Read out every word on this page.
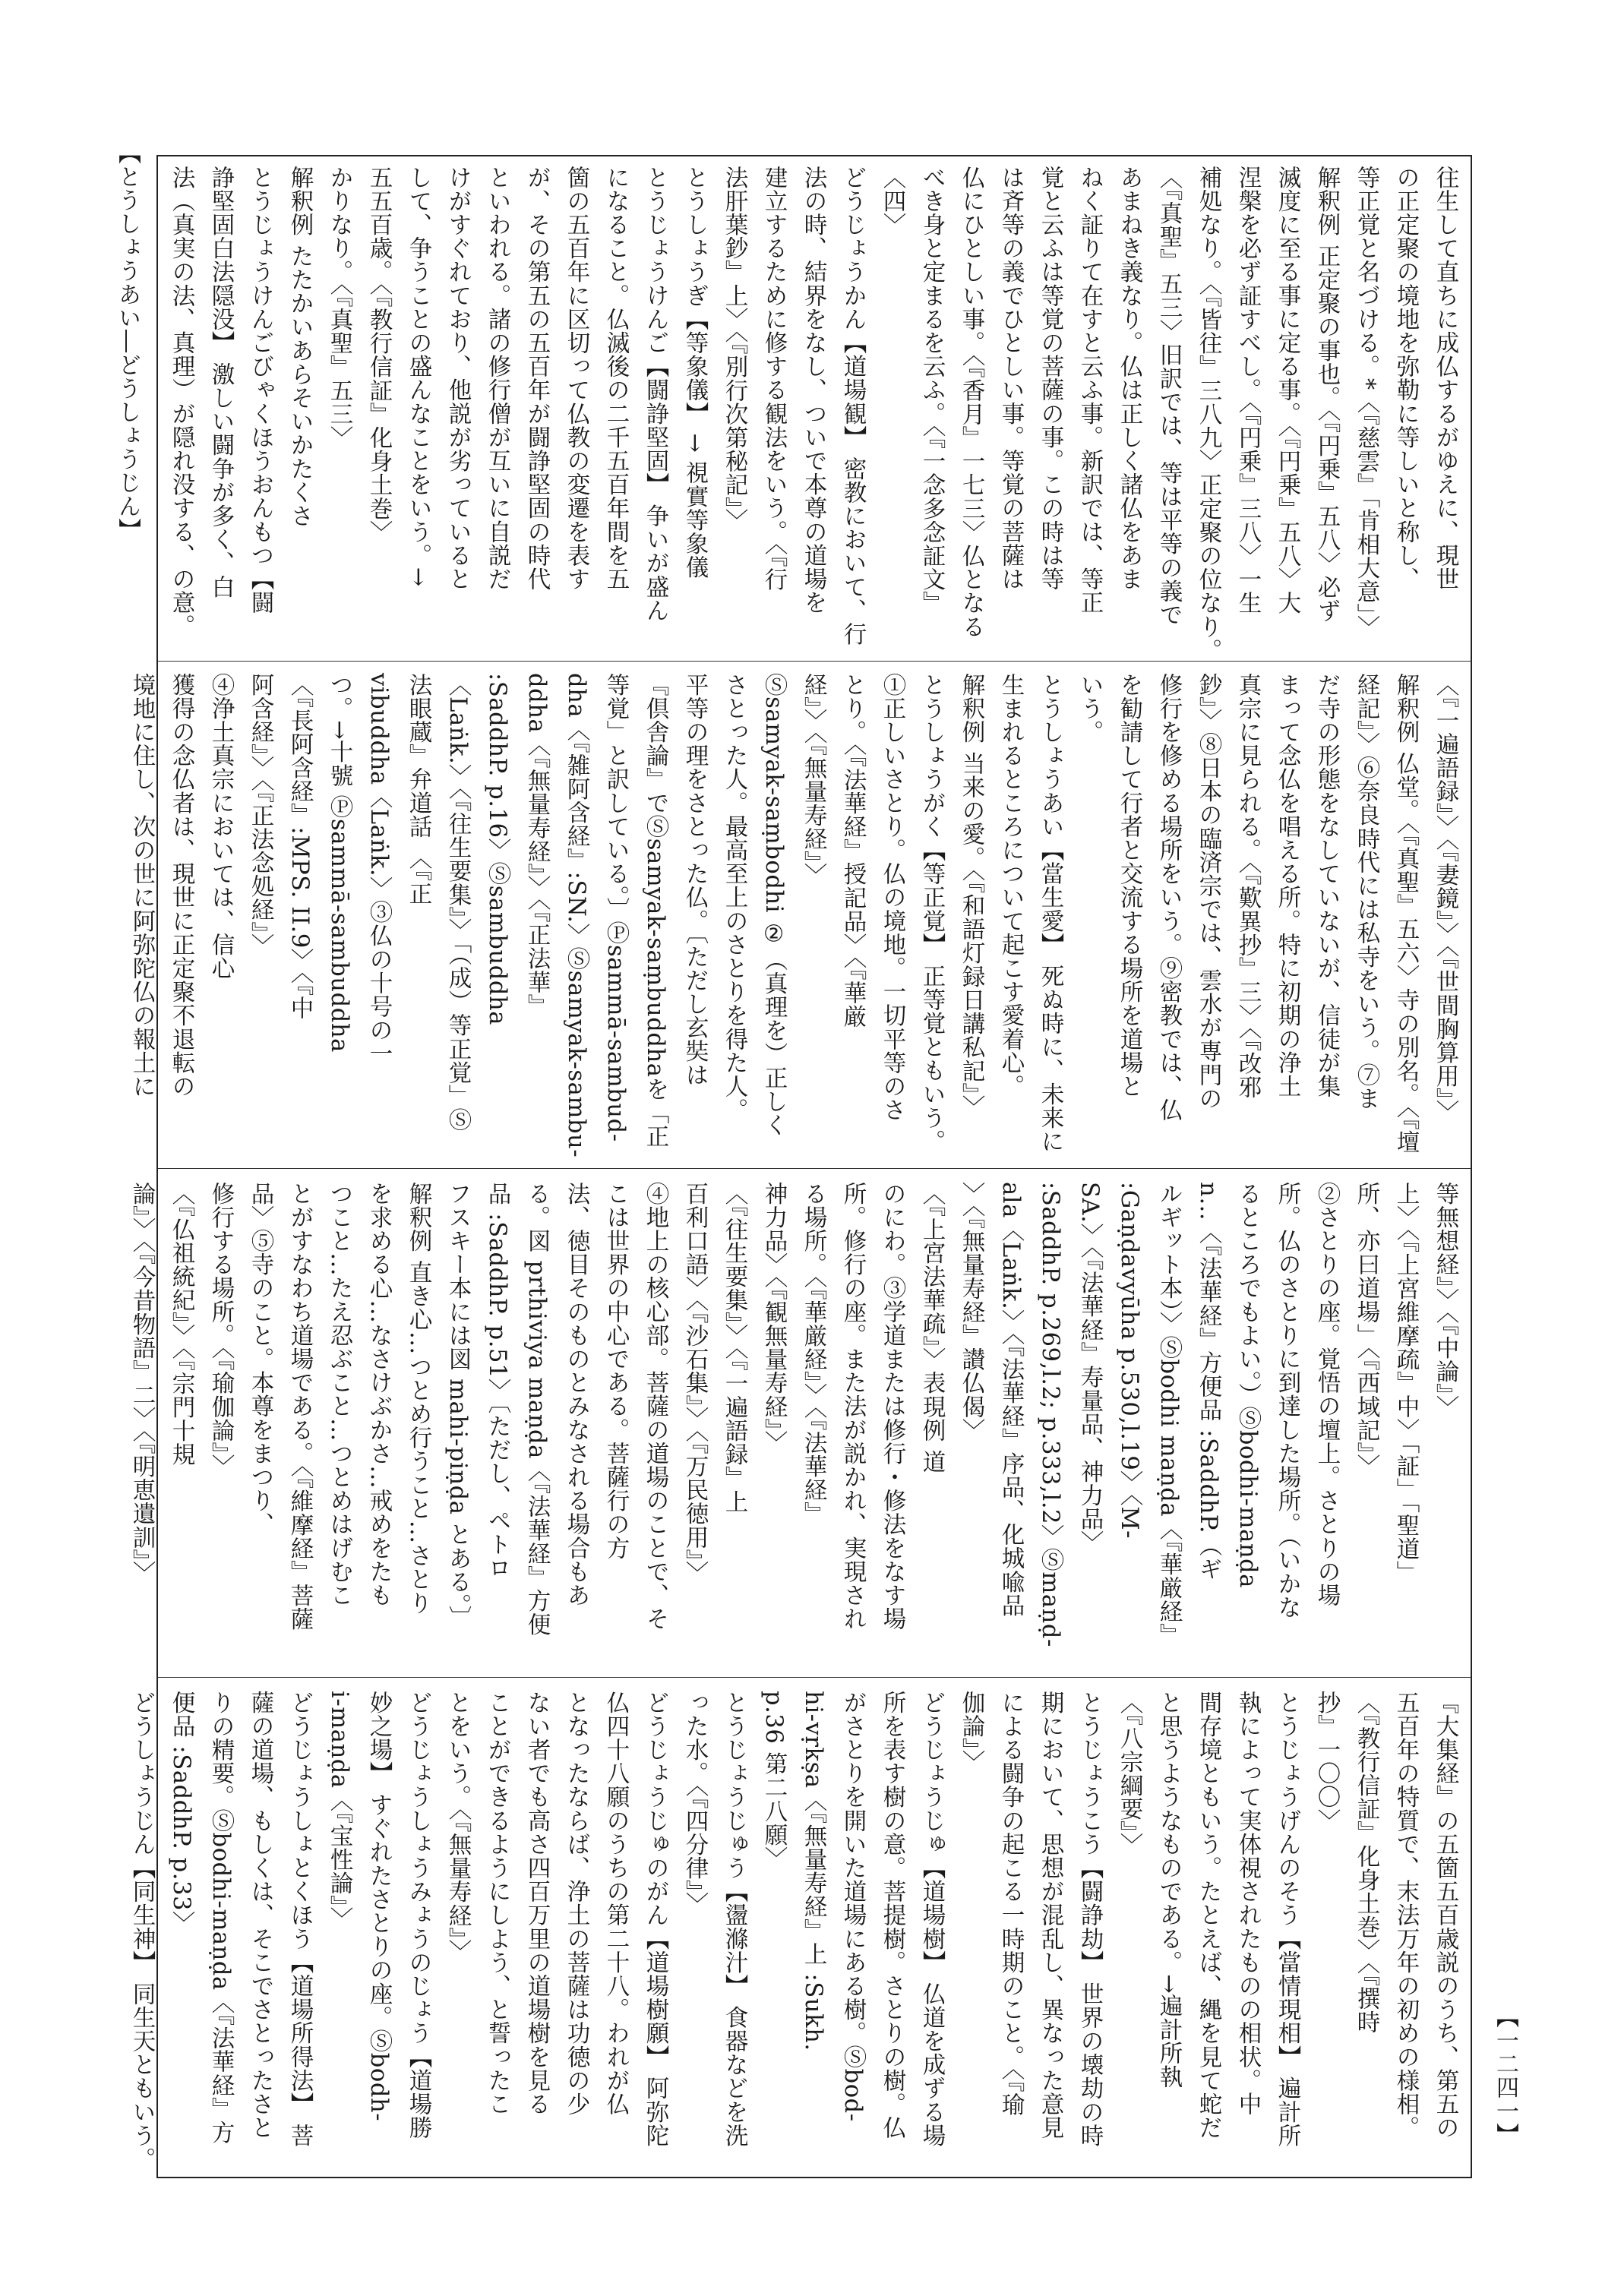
【とうしょうあい―どうしょうじん】
【一二四一】
往生して直ちに成仏するがゆえに、現世
の正定聚の境地を弥勒に等しいと称し、
等正覚と名づける。*〈『慈雲』「肯相大意」〉
解釈例 正定聚の事也。〈『円乗』五八〉必ず
滅度に至る事に定る事。〈『円乗』五八〉大
涅槃を必ず証すべし。〈『円乗』三八〉一生
補処なり。〈『皆往』三八九〉正定聚の位なり。
〈『真聖』五三〉旧訳では、等は平等の義で
あまねき義なり。仏は正しく諸仏をあま
ねく証りて在すと云ふ事。新訳では、等正
覚と云ふは等覚の菩薩の事。この時は等
は斉等の義でひとしい事。等覚の菩薩は
仏にひとしい事。〈『香月』一七三〉仏となる
べき身と定まるを云ふ。〈『一念多念証文』
〈四〉
どうじょうかん【道場観】 密教において、行
法の時、結界をなし、ついで本尊の道場を
建立するために修する観法をいう。〈『行
法肝葉鈔』上〉〈『別行次第秘記』〉
とうしょうぎ【等象儀】 → 視實等象儀
とうじょうけんご【闘諍堅固】 争いが盛ん
になること。仏滅後の二千五百年間を五
箇の五百年に区切って仏教の変遷を表す
が、その第五の五百年が闘諍堅固の時代
といわれる。諸の修行僧が互いに自説だ
けがすぐれており、他説が劣っていると
して、争うことの盛んなことをいう。→
五五百歳。〈『教行信証』化身土巻〉
かりなり。〈『真聖』五三〉
解釈例 たたかいあらそいかたくさ
とうじょうけんごびゃくほうおんもつ【闘
諍堅固白法隠没】 激しい闘争が多く、白
法（真実の法、真理）が隠れ没する、の意。
〈『一遍語録』〉〈『妻鏡』〉〈『世間胸算用』〉
解釈例 仏堂。〈『真聖』五六〉寺の別名。〈『壇
経記』〉⑥奈良時代には私寺をいう。⑦ま
だ寺の形態をなしていないが、信徒が集
まって念仏を唱える所。特に初期の浄土
真宗に見られる。〈『歎異抄』三〉〈『改邪
鈔』〉⑧日本の臨済宗では、雲水が専門の
修行を修める場所をいう。⑨密教では、仏
を勧請して行者と交流する場所を道場と
いう。
とうしょうあい【當生愛】 死ぬ時に、未来に
生まれるところについて起こす愛着心。
解釈例 当来の愛。〈『和語灯録日講私記』〉
とうしょうがく【等正覚】 正等覚ともいう。
①正しいさとり。仏の境地。一切平等のさ
とり。〈『法華経』授記品〉〈『華厳
経』〉〈『無量寿経』〉
Ⓢsamyak-saṃbodhi ②（真理を）正しく
さとった人。最高至上のさとりを得た人。
平等の理をさとった仏。〔ただし玄奘は
『倶舎論』でⓈsamyak-saṃbuddhaを「正
等覚」と訳している。〕Ⓟsammā-sambud-
dha〈『雑阿含経』:SN.〉Ⓢsamyak-sambu-
ddha〈『無量寿経』〉〈『正法華』
:SaddhP. p.16〉Ⓢsambuddha
〈Laṅk.〉〈『往生要集』〉「（成）等正覚」Ⓢ
法眼蔵』弁道話 〈『正
vibuddha〈Laṅk.〉③仏の十号の一
つ。→十號 Ⓟsammā-sambuddha
〈『長阿含経』:MPS. II.9〉〈『中
阿含経』〉〈『正法念処経』〉
④浄土真宗においては、信心
獲得の念仏者は、現世に正定聚不退転の
境地に住し、次の世に阿弥陀仏の報土に
等無想経』〉〈『中論』〉
上〉〈『上宮維摩疏』中〉「証」「聖道」
所、亦曰道場」〈『西域記』〉
②さとりの座。覚悟の壇上。さとりの場
所。仏のさとりに到達した場所。（いかな
るところでもよい。）Ⓢbodhi-maṇḍa
n…〈『法華経』方便品 :SaddhP.（ギ
ルギット本）〉Ⓢbodhi maṇḍa〈『華厳経』
:Gaṇḍavyūha p.530,l.19〉〈M-
SA.〉〈『法華経』寿量品、神力品〉
:SaddhP. p.269,l.2; p.333,l.2〉Ⓢmaṇḍ-
ala〈Laṅk.〉〈『法華経』序品、化城喩品
〉〈『無量寿経』讃仏偈〉
〈『上宮法華疏』〉表現例 道
のにわ。③学道または修行・修法をなす場
所。修行の座。また法が説かれ、実現され
る場所。〈『華厳経』〉〈『法華経』
神力品〉〈『観無量寿経』〉
〈『往生要集』〉〈『一遍語録』上
百利口語〉〈『沙石集』〉〈『万民徳用』〉
④地上の核心部。菩薩の道場のことで、そ
こは世界の中心である。菩薩行の方
法、徳目そのものとみなされる場合もあ
る。図 prthiviya maṇḍa〈『法華経』方便
品 :SaddhP. p.51〉〔ただし、ペトロ
フスキー本には図 mahi-piṇḍa とある。〕
解釈例 直き心…つとめ行うこと…さとり
を求める心…なさけぶかさ…戒めをたも
つこと…たえ忍ぶこと…つとめはげむこ
とがすなわち道場である。〈『維摩経』菩薩
品〉⑤寺のこと。本尊をまつり、
修行する場所。〈『瑜伽論』〉
〈『仏祖統紀』〉〈『宗門十規
論』〉〈『今昔物語』二〉〈『明恵遺訓』〉
『大集経』の五箇五百歳説のうち、第五の
五百年の特質で、末法万年の初めの様相。
〈『教行信証』化身土巻〉〈『撰時
抄』一〇〇〉
とうじょうげんのそう【當情現相】 遍計所
執によって実体視されたものの相状。中
間存境ともいう。たとえば、縄を見て蛇だ
と思うようなものである。→遍計所執
〈『八宗綱要』〉
とうじょうこう【闘諍劫】 世界の壊劫の時
期において、思想が混乱し、異なった意見
による闘争の起こる一時期のこと。〈『瑜
伽論』〉
どうじょうじゅ【道場樹】 仏道を成ずる場
所を表す樹の意。菩提樹。さとりの樹。仏
がさとりを開いた道場にある樹。Ⓢbod-
hi-vṛkṣa〈『無量寿経』上 :Sukh.
p.36 第二八願〉
とうじょうじゅう【盪滌汁】 食器などを洗
った水。〈『四分律』〉
どうじょうじゅのがん【道場樹願】 阿弥陀
仏四十八願のうちの第二十八。われが仏
となったならば、浄土の菩薩は功徳の少
ない者でも高さ四百万里の道場樹を見る
ことができるようにしよう、と誓ったこ
とをいう。〈『無量寿経』〉
どうじょうしょうみょうのじょう【道場勝
妙之場】 すぐれたさとりの座。Ⓢbodh-
i-maṇḍa〈『宝性論』〉
どうじょうしょとくほう【道場所得法】 菩
薩の道場、もしくは、そこでさとったさと
りの精要。Ⓢbodhi-maṇḍa〈『法華経』方
便品 :SaddhP. p.33〉
どうしょうじん【同生神】 同生天ともいう。
